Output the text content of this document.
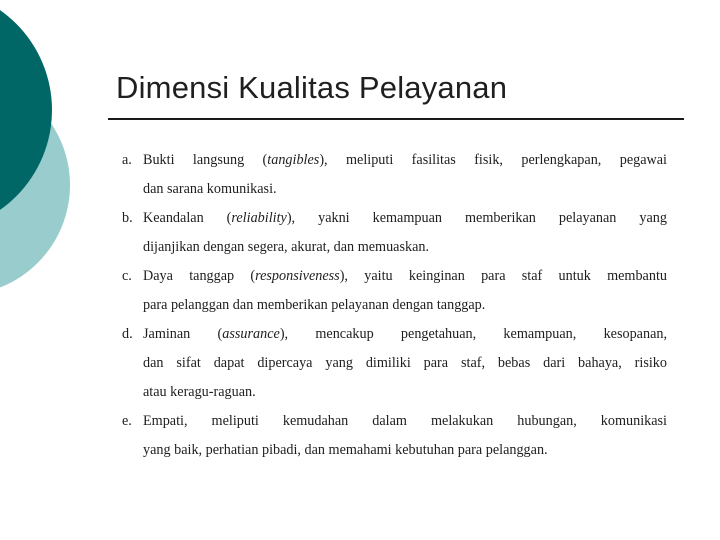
Dimensi Kualitas Pelayanan
a. Bukti langsung (tangibles), meliputi fasilitas fisik, perlengkapan, pegawai
dan sarana komunikasi.
b. Keandalan (reliability), yakni kemampuan memberikan pelayanan yang
dijanjikan dengan segera, akurat, dan memuaskan.
c. Daya tanggap (responsiveness), yaitu keinginan para staf untuk membantu
para pelanggan dan memberikan pelayanan dengan tanggap.
d. Jaminan (assurance), mencakup pengetahuan, kemampuan, kesopanan,
dan sifat dapat dipercaya yang dimiliki para staf, bebas dari bahaya, risiko
atau keragu-raguan.
e. Empati, meliputi kemudahan dalam melakukan hubungan, komunikasi
yang baik, perhatian pibadi, dan memahami kebutuhan para pelanggan.
